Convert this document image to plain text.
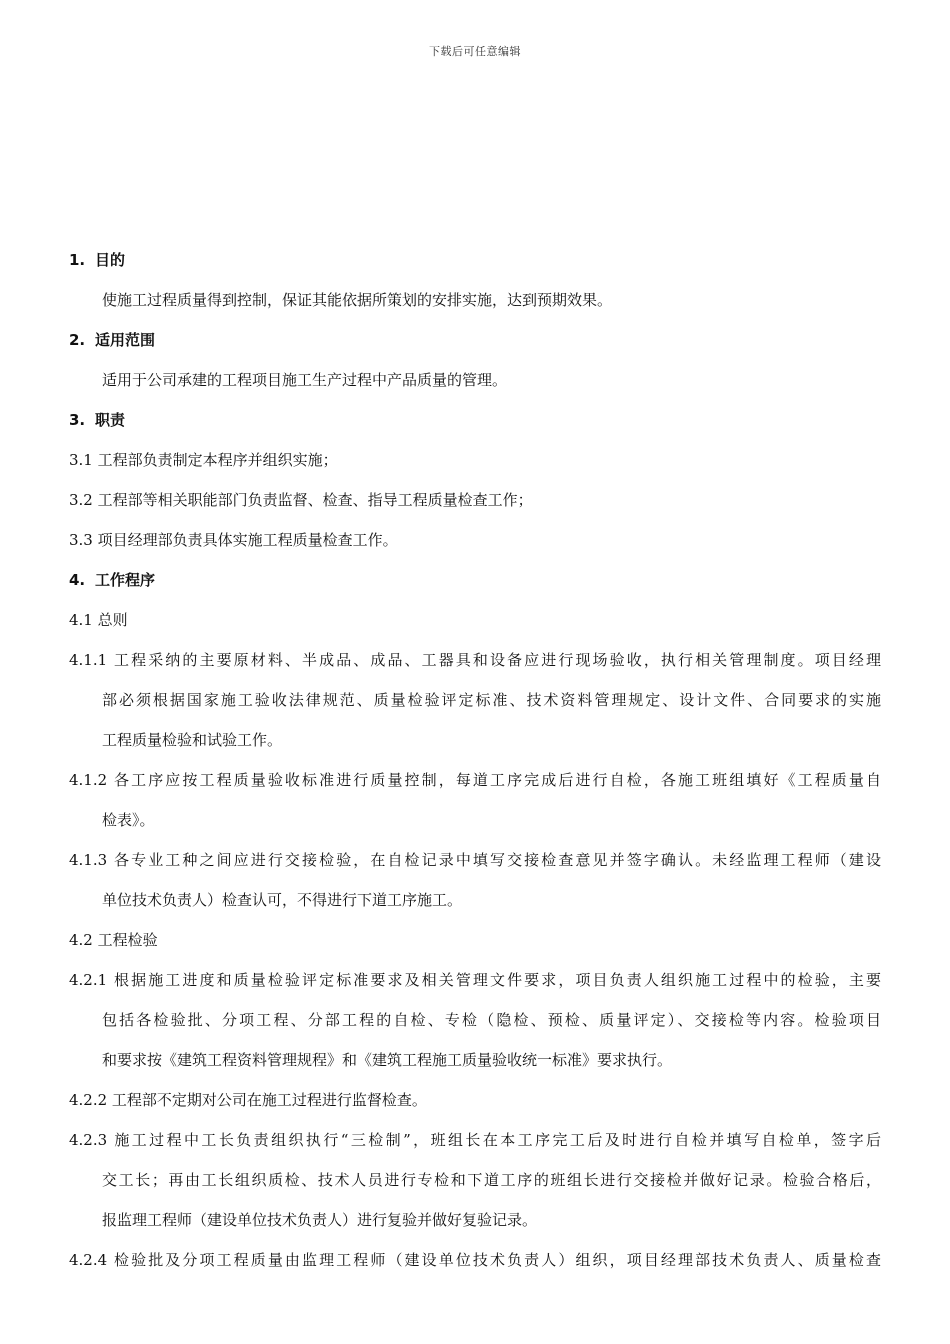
下载后可任意编辑
1. 目的
使施工过程质量得到控制，保证其能依据所策划的安排实施，达到预期效果。
2. 适用范围
适用于公司承建的工程项目施工生产过程中产品质量的管理。
3. 职责
3.1 工程部负责制定本程序并组织实施；
3.2 工程部等相关职能部门负责监督、检查、指导工程质量检查工作；
3.3 项目经理部负责具体实施工程质量检查工作。
4. 工作程序
4.1 总则
4.1.1 工程采纳的主要原材料、半成品、成品、工器具和设备应进行现场验收，执行相关管理制度。项目经理
部必须根据国家施工验收法律规范、质量检验评定标准、技术资料管理规定、设计文件、合同要求的实施
工程质量检验和试验工作。
4.1.2 各工序应按工程质量验收标准进行质量控制，每道工序完成后进行自检，各施工班组填好《工程质量自
检表》。
4.1.3 各专业工种之间应进行交接检验，在自检记录中填写交接检查意见并签字确认。未经监理工程师（建设
单位技术负责人）检查认可，不得进行下道工序施工。
4.2 工程检验
4.2.1 根据施工进度和质量检验评定标准要求及相关管理文件要求，项目负责人组织施工过程中的检验，主要
包括各检验批、分项工程、分部工程的自检、专检（隐检、预检、质量评定）、交接检等内容。检验项目
和要求按《建筑工程资料管理规程》和《建筑工程施工质量验收统一标准》要求执行。
4.2.2 工程部不定期对公司在施工过程进行监督检查。
4.2.3 施工过程中工长负责组织执行“三检制”，班组长在本工序完工后及时进行自检并填写自检单，签字后
交工长；再由工长组织质检、技术人员进行专检和下道工序的班组长进行交接检并做好记录。检验合格后，
报监理工程师（建设单位技术负责人）进行复验并做好复验记录。
4.2.4 检验批及分项工程质量由监理工程师（建设单位技术负责人）组织，项目经理部技术负责人、质量检查
